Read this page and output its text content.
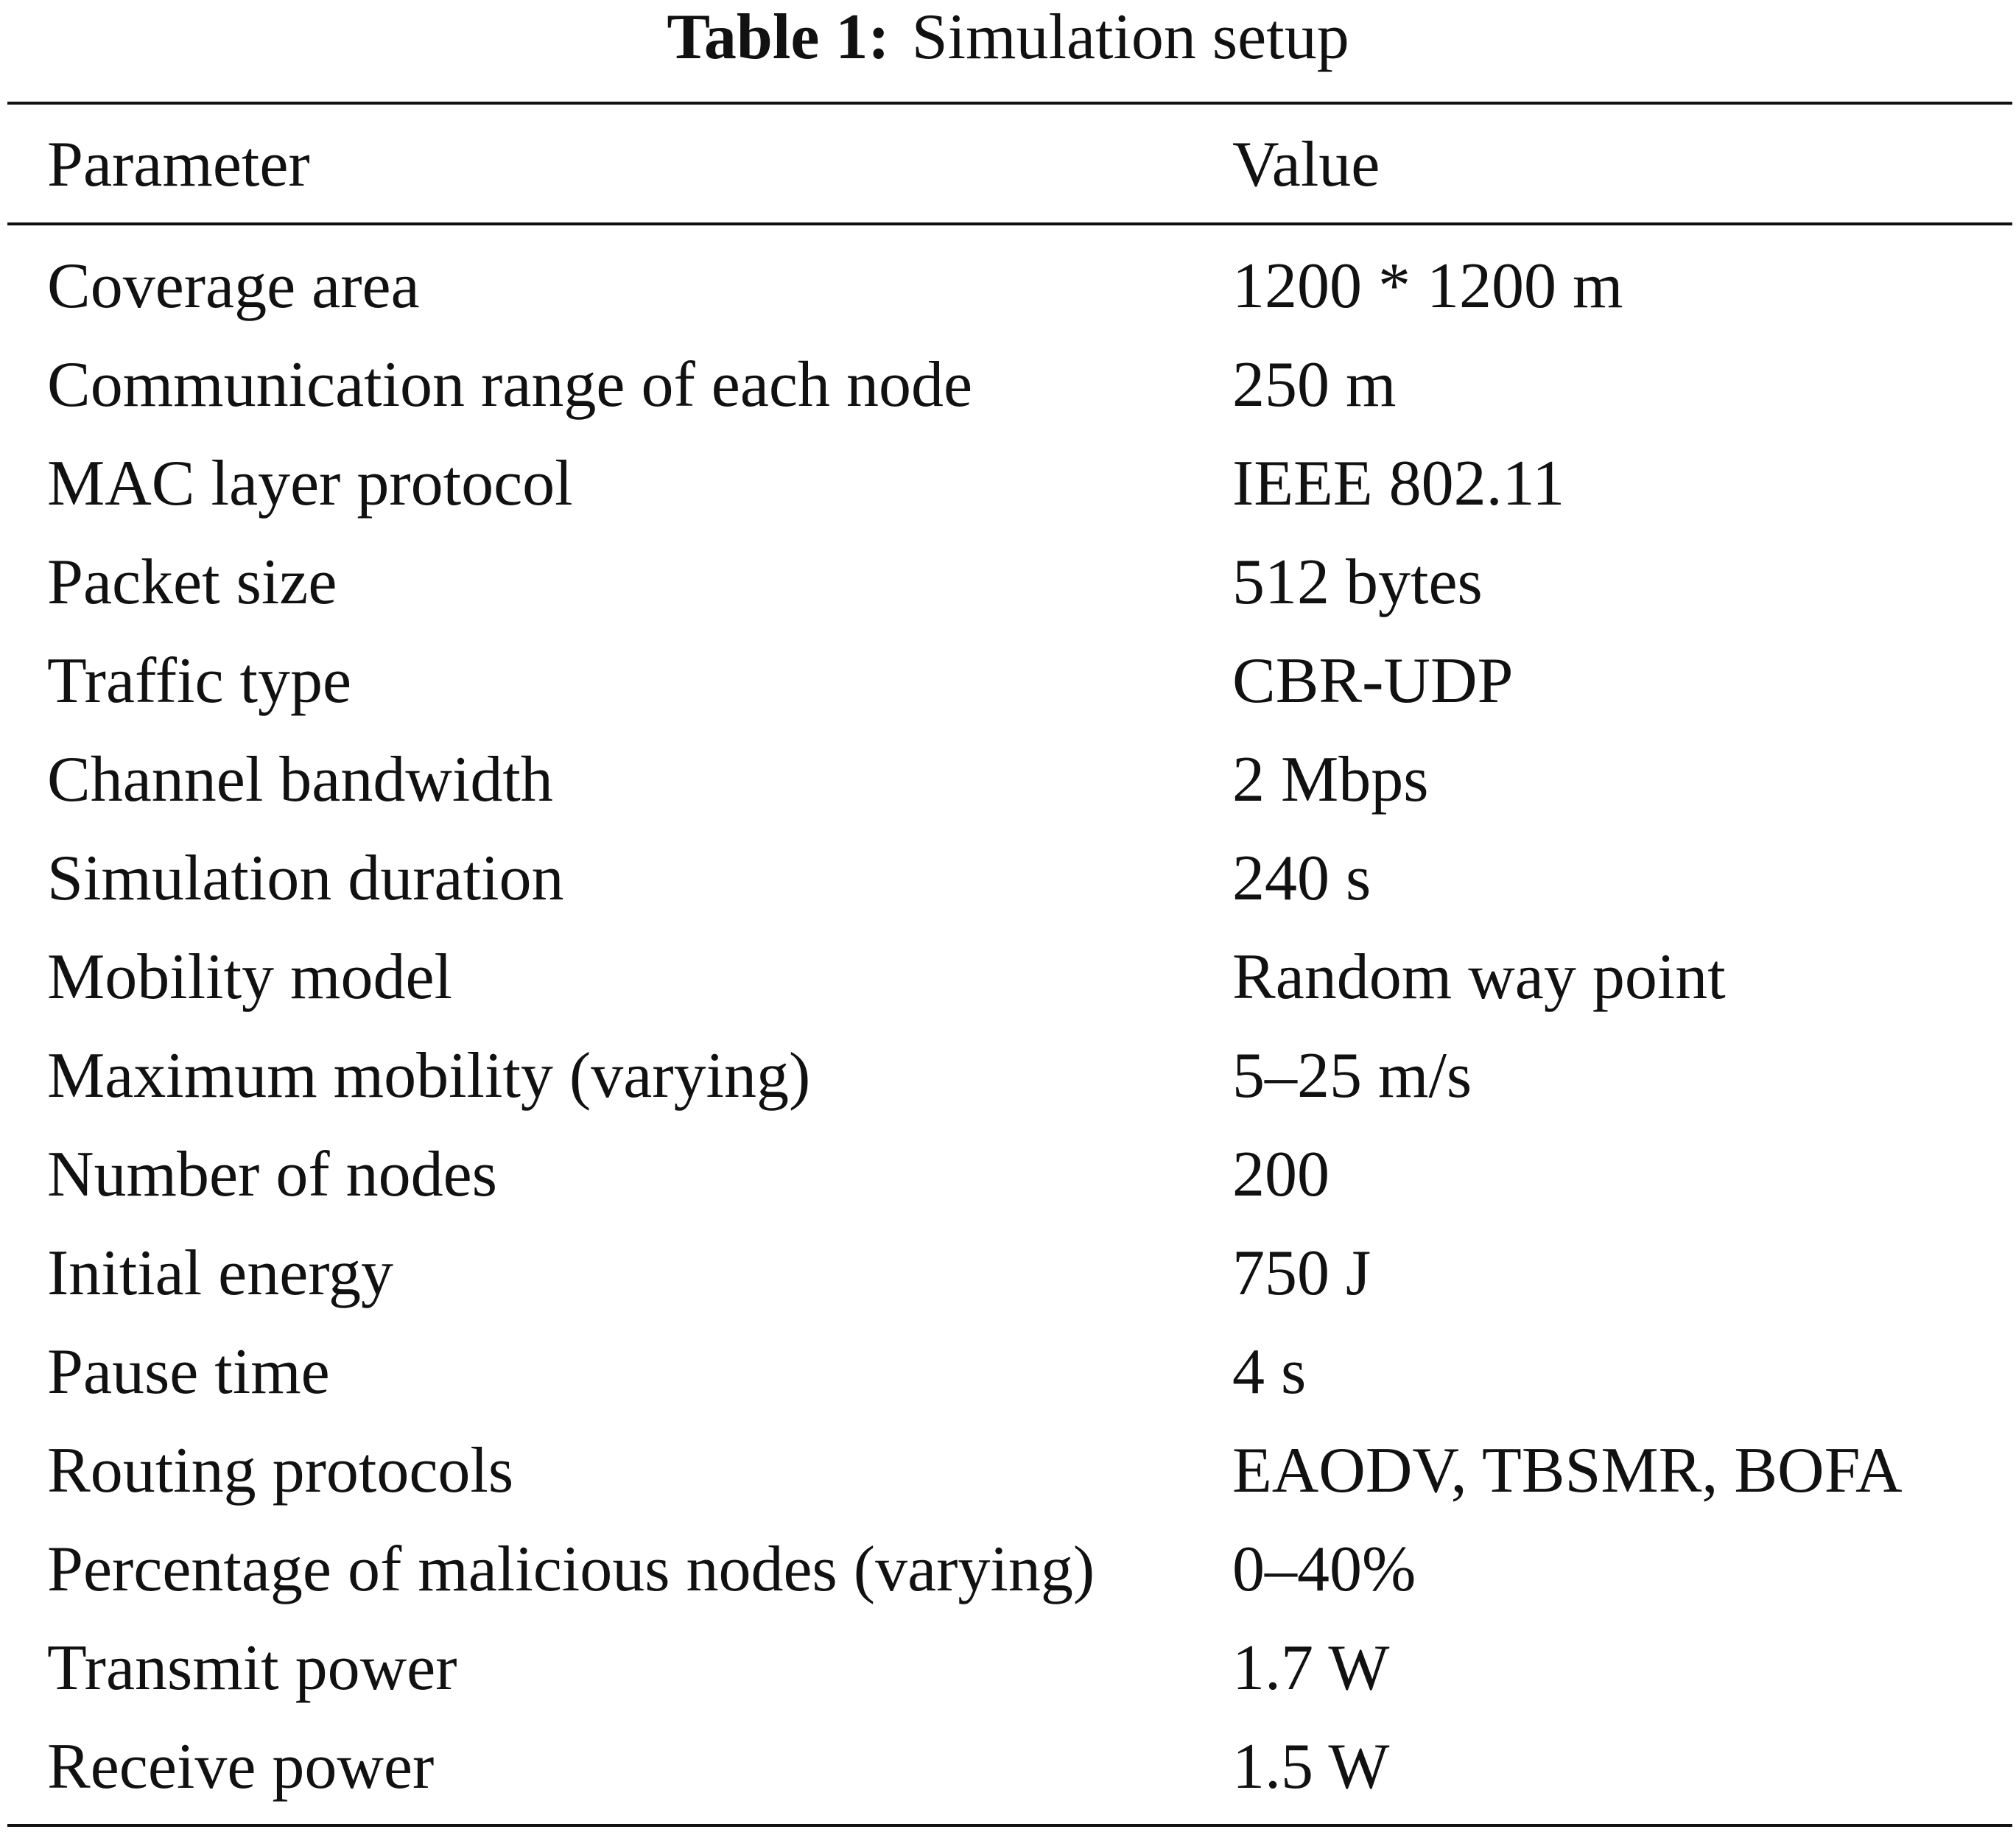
Table 1: Simulation setup
Parameter	Value
Coverage area	1200 * 1200 m
Communication range of each node	250 m
MAC layer protocol	IEEE 802.11
Packet size	512 bytes
Traffic type	CBR-UDP
Channel bandwidth	2 Mbps
Simulation duration	240 s
Mobility model	Random way point
Maximum mobility (varying)	5–25 m/s
Number of nodes	200
Initial energy	750 J
Pause time	4 s
Routing protocols	EAODV, TBSMR, BOFA
Percentage of malicious nodes (varying) 0–40%
Transmit power	1.7 W
Receive power	1.5 W
